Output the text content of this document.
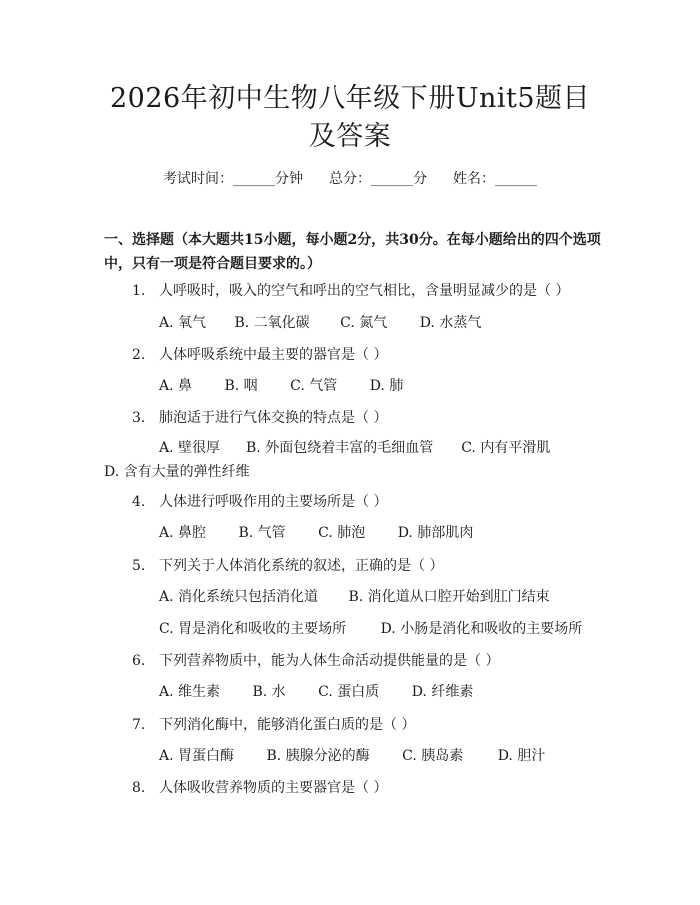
2026年初中生物八年级下册Unit5题目及答案
考试时间：______分钟 总分：______分 姓名：______
一、选择题（本大题共15小题，每小题2分，共30分。在每小题给出的四个选项中，只有一项是符合题目要求的。）
1. 人呼吸时，吸入的空气和呼出的空气相比，含量明显减少的是（ ）
A. 氧气 B. 二氧化碳 C. 氮气 D. 水蒸气
2. 人体呼吸系统中最主要的器官是（ ）
A. 鼻 B. 咽 C. 气管 D. 肺
3. 肺泡适于进行气体交换的特点是（ ）
A. 壁很厚 B. 外面包绕着丰富的毛细血管 C. 内有平滑肌 D. 含有大量的弹性纤维
4. 人体进行呼吸作用的主要场所是（ ）
A. 鼻腔 B. 气管 C. 肺泡 D. 肺部肌肉
5. 下列关于人体消化系统的叙述，正确的是（ ）
A. 消化系统只包括消化道 B. 消化道从口腔开始到肛门结束
C. 胃是消化和吸收的主要场所 D. 小肠是消化和吸收的主要场所
6. 下列营养物质中，能为人体生命活动提供能量的是（ ）
A. 维生素 B. 水 C. 蛋白质 D. 纤维素
7. 下列消化酶中，能够消化蛋白质的是（ ）
A. 胃蛋白酶 B. 胰腺分泌的酶 C. 胰岛素 D. 胆汁
8. 人体吸收营养物质的主要器官是（ ）
